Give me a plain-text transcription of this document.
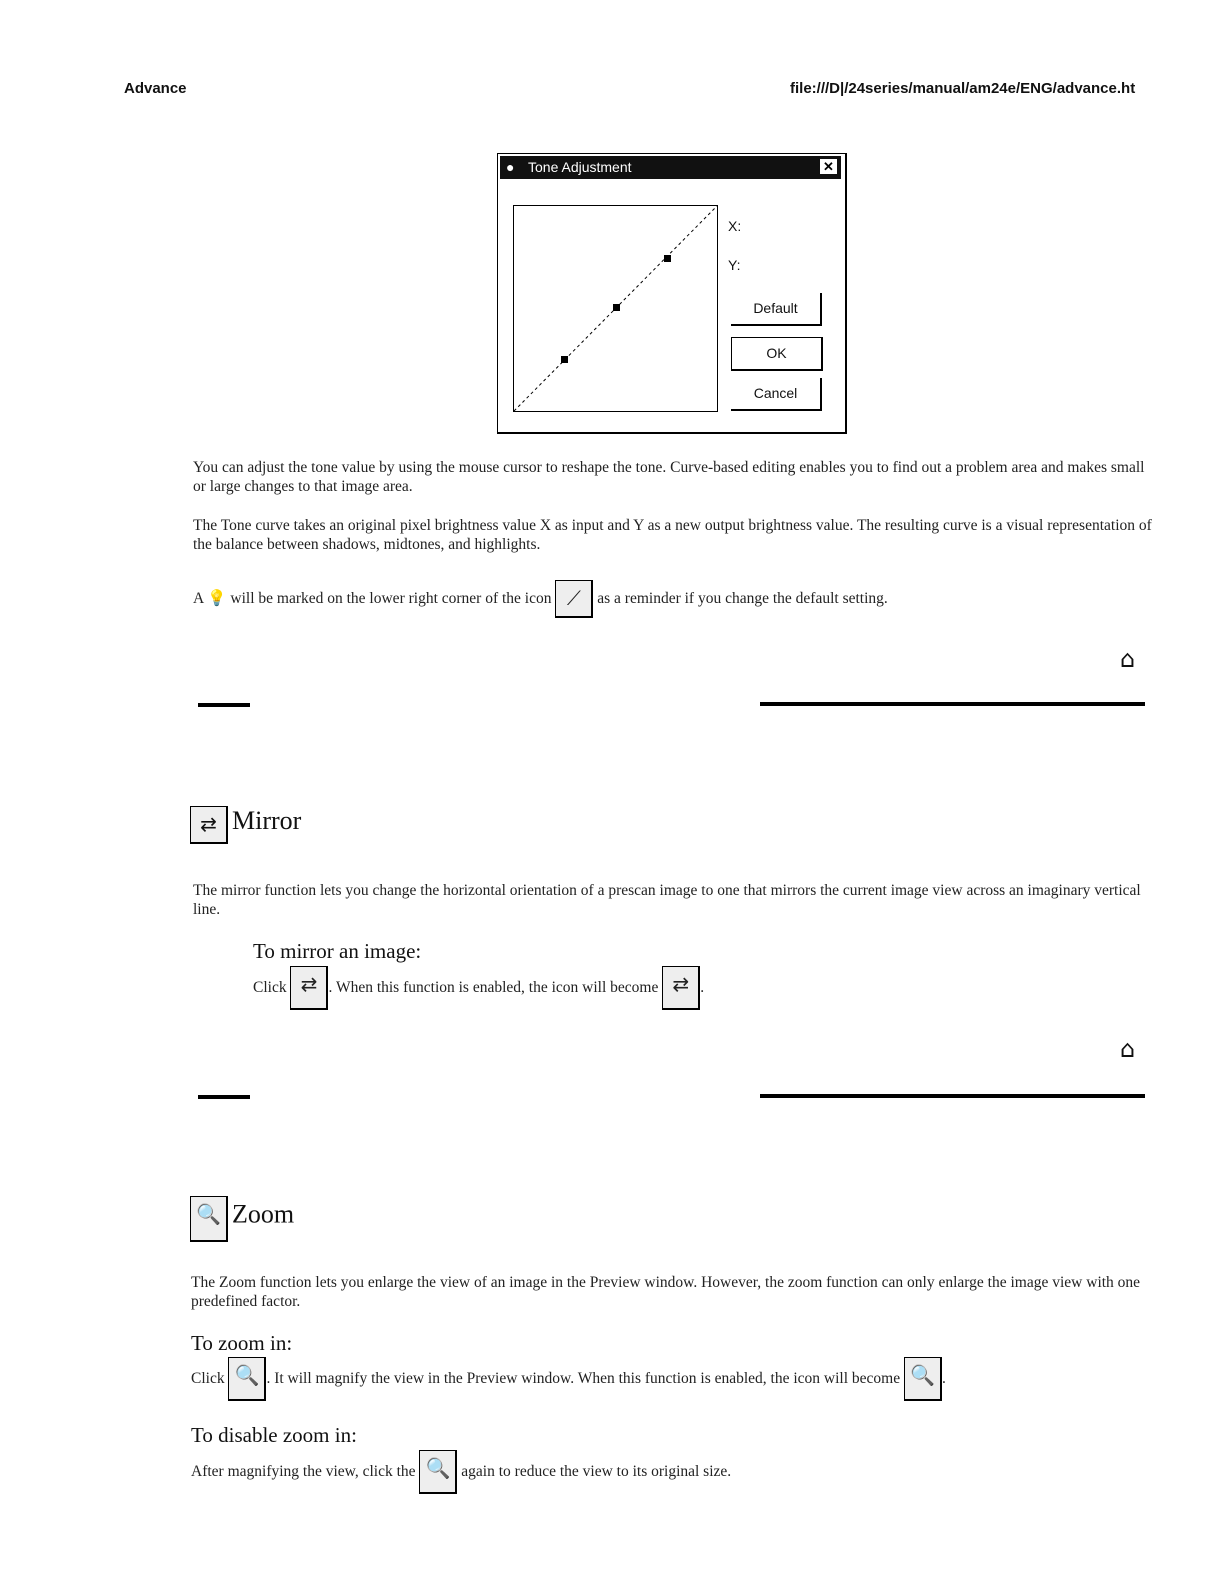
Advance	file:///D|/24series/manual/am24e/ENG/advance.ht
● Tone Adjustment	✕
X:
Y:
Default
OK
Cancel
You can adjust the tone value by using the mouse cursor to reshape the tone. Curve-based editing enables you to find out a problem area and makes small or large changes to that image area.
The Tone curve takes an original pixel brightness value X as input and Y as a new output brightness value. The resulting curve is a visual representation of the balance between shadows, midtones, and highlights.
A 💡 will be marked on the lower right corner of the icon ⟋ as a reminder if you change the default setting.
⌂
⇄ Mirror
The mirror function lets you change the horizontal orientation of a prescan image to one that mirrors the current image view across an imaginary vertical line.
To mirror an image:
Click ⇄ . When this function is enabled, the icon will become ⇄ .
⌂
🔍 Zoom
The Zoom function lets you enlarge the view of an image in the Preview window. However, the zoom function can only enlarge the image view with one predefined factor.
To zoom in:
Click 🔍 . It will magnify the view in the Preview window. When this function is enabled, the icon will become 🔍 .
To disable zoom in:
After magnifying the view, click the 🔍 again to reduce the view to its original size.
